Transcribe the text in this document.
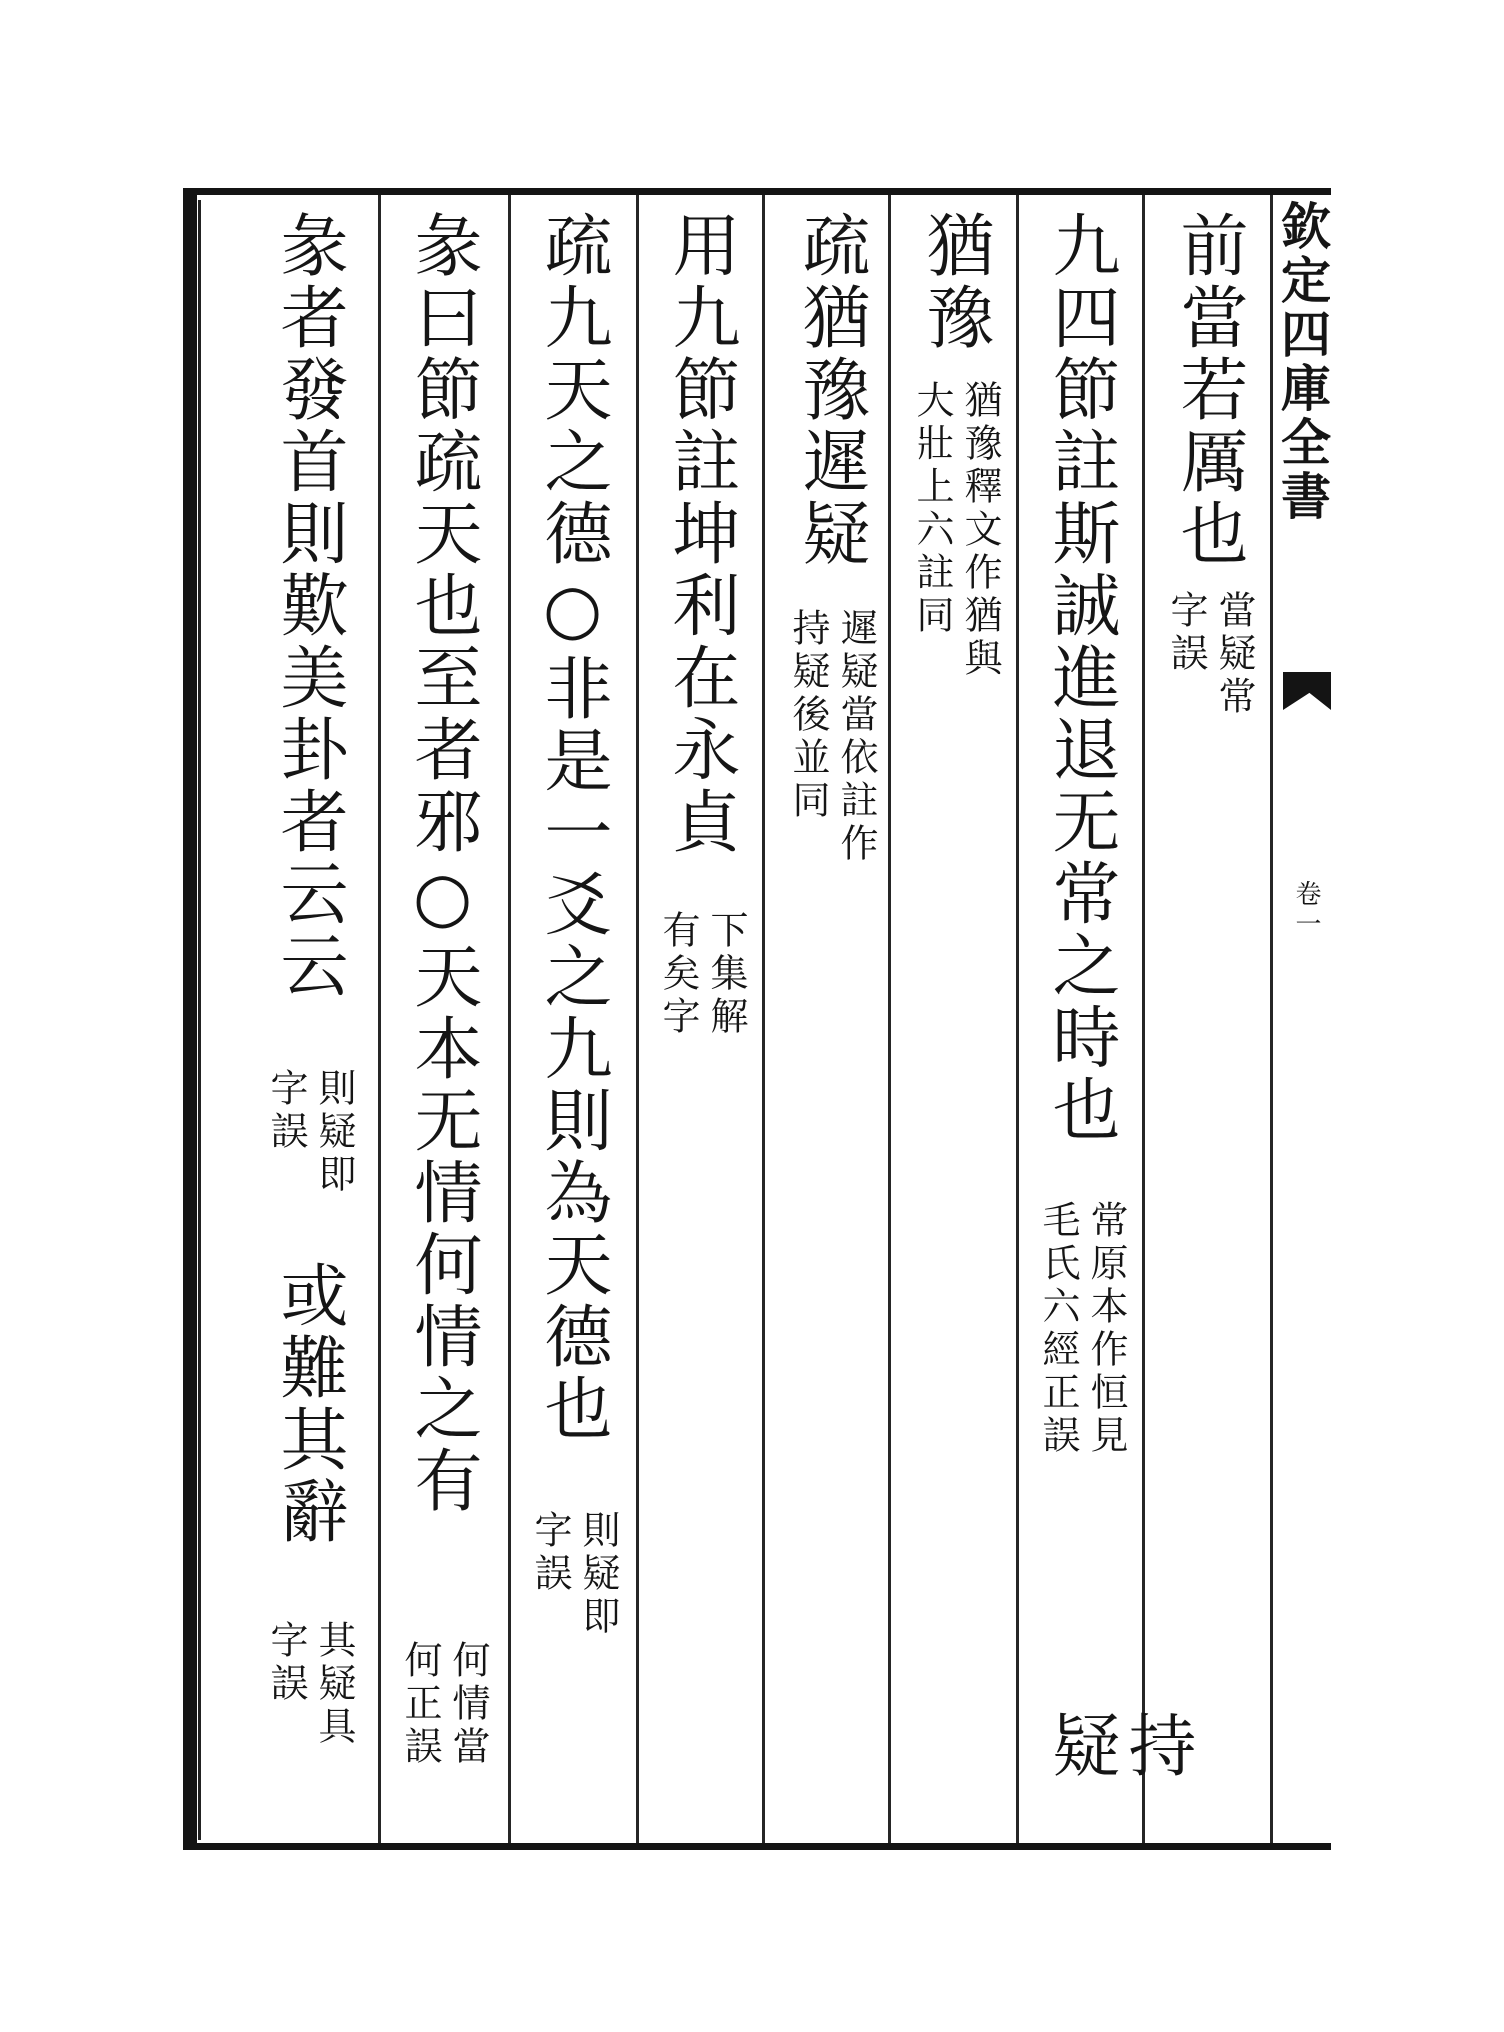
欽定四庫全書
卷一
前當若厲也
當疑常
字誤
九四節註斯誠進退无常之時也
常原本作恒見
毛氏六經正誤
持疑
猶豫
猶豫釋文作猶與
大壯上六註同
疏猶豫遲疑
遲疑當依註作
持疑後並同
用九節註坤利在永貞
下集解
有矣字
疏九天之德○非是一爻之九則為天德也
則疑即
字誤
彖曰節疏天也至者邪○天本无情何情之有
何情當
何正誤
彖者發首則歎美卦者云云
則疑即
字誤
或難其辭
其疑具
字誤
